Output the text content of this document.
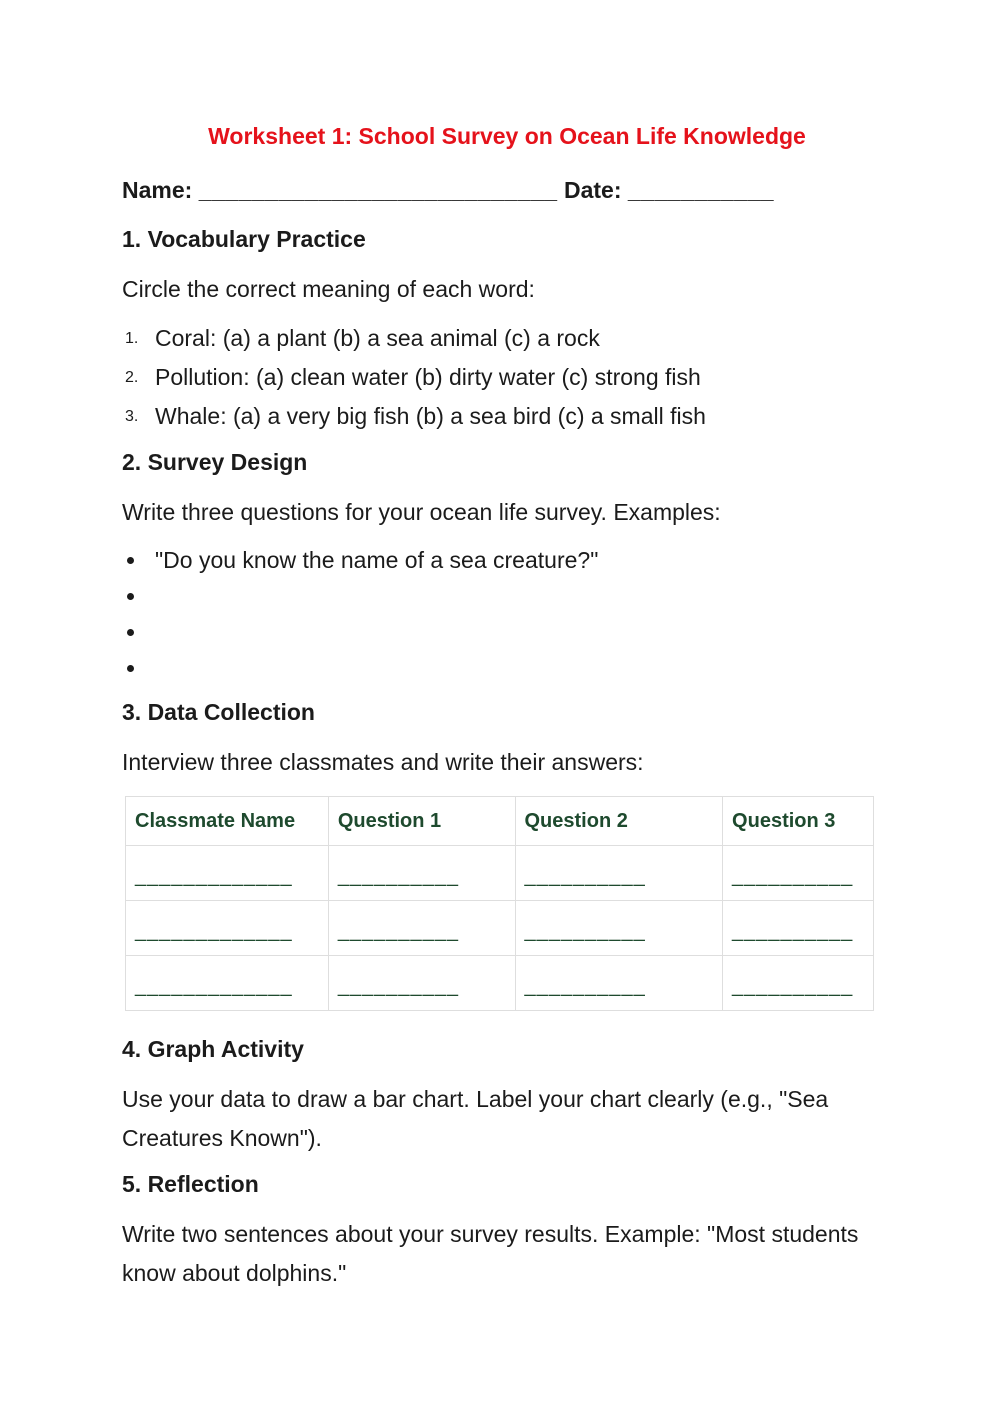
Worksheet 1: School Survey on Ocean Life Knowledge
Name: ___________________________ Date: ___________
1. Vocabulary Practice

Circle the correct meaning of each word:

1. Coral: (a) a plant (b) a sea animal (c) a rock
2. Pollution: (a) clean water (b) dirty water (c) strong fish
3. Whale: (a) a very big fish (b) a sea bird (c) a small fish
2. Survey Design

Write three questions for your ocean life survey. Examples:

"Do you know the name of a sea creature?"
3. Data Collection

Interview three classmates and write their answers:

Classmate Name	Question 1	Question 2	Question 3
_____________	__________	__________	__________
_____________	__________	__________	__________
_____________	__________	__________	__________
4. Graph Activity

Use your data to draw a bar chart. Label your chart clearly (e.g., "Sea Creatures Known").

5. Reflection

Write two sentences about your survey results. Example: "Most students know about dolphins."
